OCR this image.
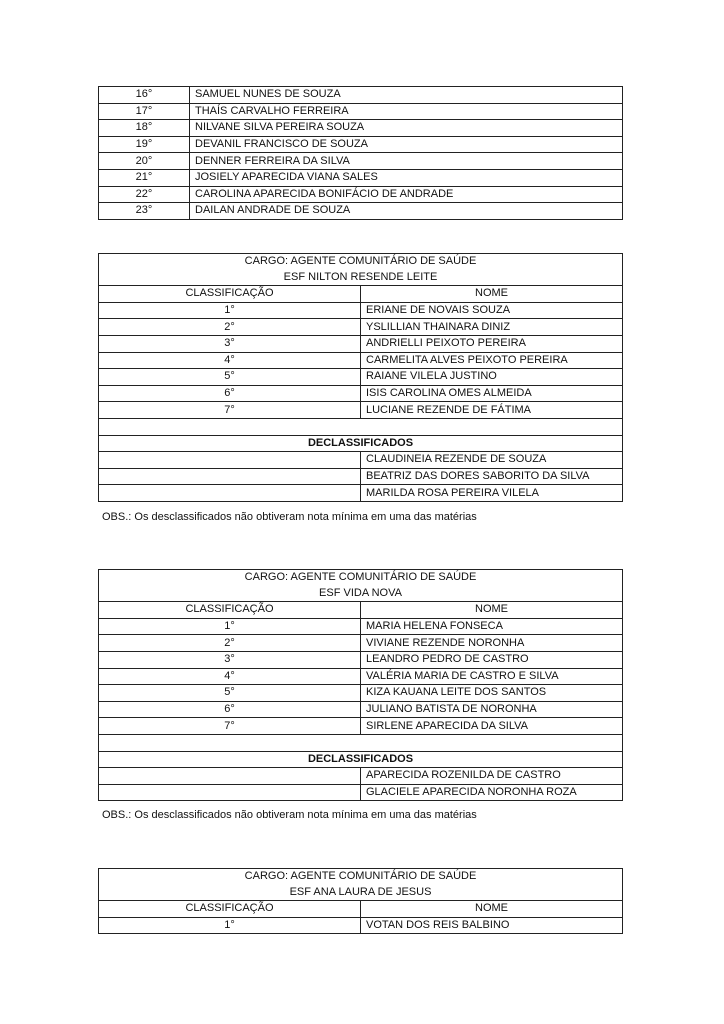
16°	SAMUEL NUNES DE SOUZA
17°	THAÍS CARVALHO FERREIRA
18°	NILVANE SILVA PEREIRA SOUZA
19°	DEVANIL FRANCISCO DE SOUZA
20°	DENNER FERREIRA DA SILVA
21°	JOSIELY APARECIDA VIANA SALES
22°	CAROLINA APARECIDA BONIFÁCIO DE ANDRADE
23°	DAILAN ANDRADE DE SOUZA
CARGO: AGENTE COMUNITÁRIO DE SAÚDE	
ESF NILTON RESENDE LEITE	
CLASSIFICAÇÃO	NOME
1°	ERIANE DE NOVAIS SOUZA
2°	YSLILLIAN THAINARA DINIZ
3°	ANDRIELLI PEIXOTO PEREIRA
4°	CARMELITA ALVES PEIXOTO PEREIRA
5°	RAIANE VILELA JUSTINO
6°	ISIS CAROLINA OMES ALMEIDA
7°	LUCIANE REZENDE DE FÁTIMA

DECLASSIFICADOS	
	CLAUDINEIA REZENDE DE SOUZA
	BEATRIZ DAS DORES SABORITO DA SILVA
	MARILDA ROSA PEREIRA VILELA
OBS.: Os desclassificados não obtiveram nota mínima em uma das matérias
CARGO: AGENTE COMUNITÁRIO DE SAÚDE	
ESF VIDA NOVA	
CLASSIFICAÇÃO	NOME
1°	MARIA HELENA FONSECA
2°	VIVIANE REZENDE NORONHA
3°	LEANDRO PEDRO DE CASTRO
4°	VALÉRIA MARIA DE CASTRO E SILVA
5°	KIZA KAUANA LEITE DOS SANTOS
6°	JULIANO BATISTA DE NORONHA
7°	SIRLENE APARECIDA DA SILVA

DECLASSIFICADOS	
	APARECIDA ROZENILDA DE CASTRO
	GLACIELE APARECIDA NORONHA ROZA
OBS.: Os desclassificados não obtiveram nota mínima em uma das matérias
CARGO: AGENTE COMUNITÁRIO DE SAÚDE	
ESF ANA LAURA DE JESUS	
CLASSIFICAÇÃO	NOME
1°	VOTAN DOS REIS BALBINO
